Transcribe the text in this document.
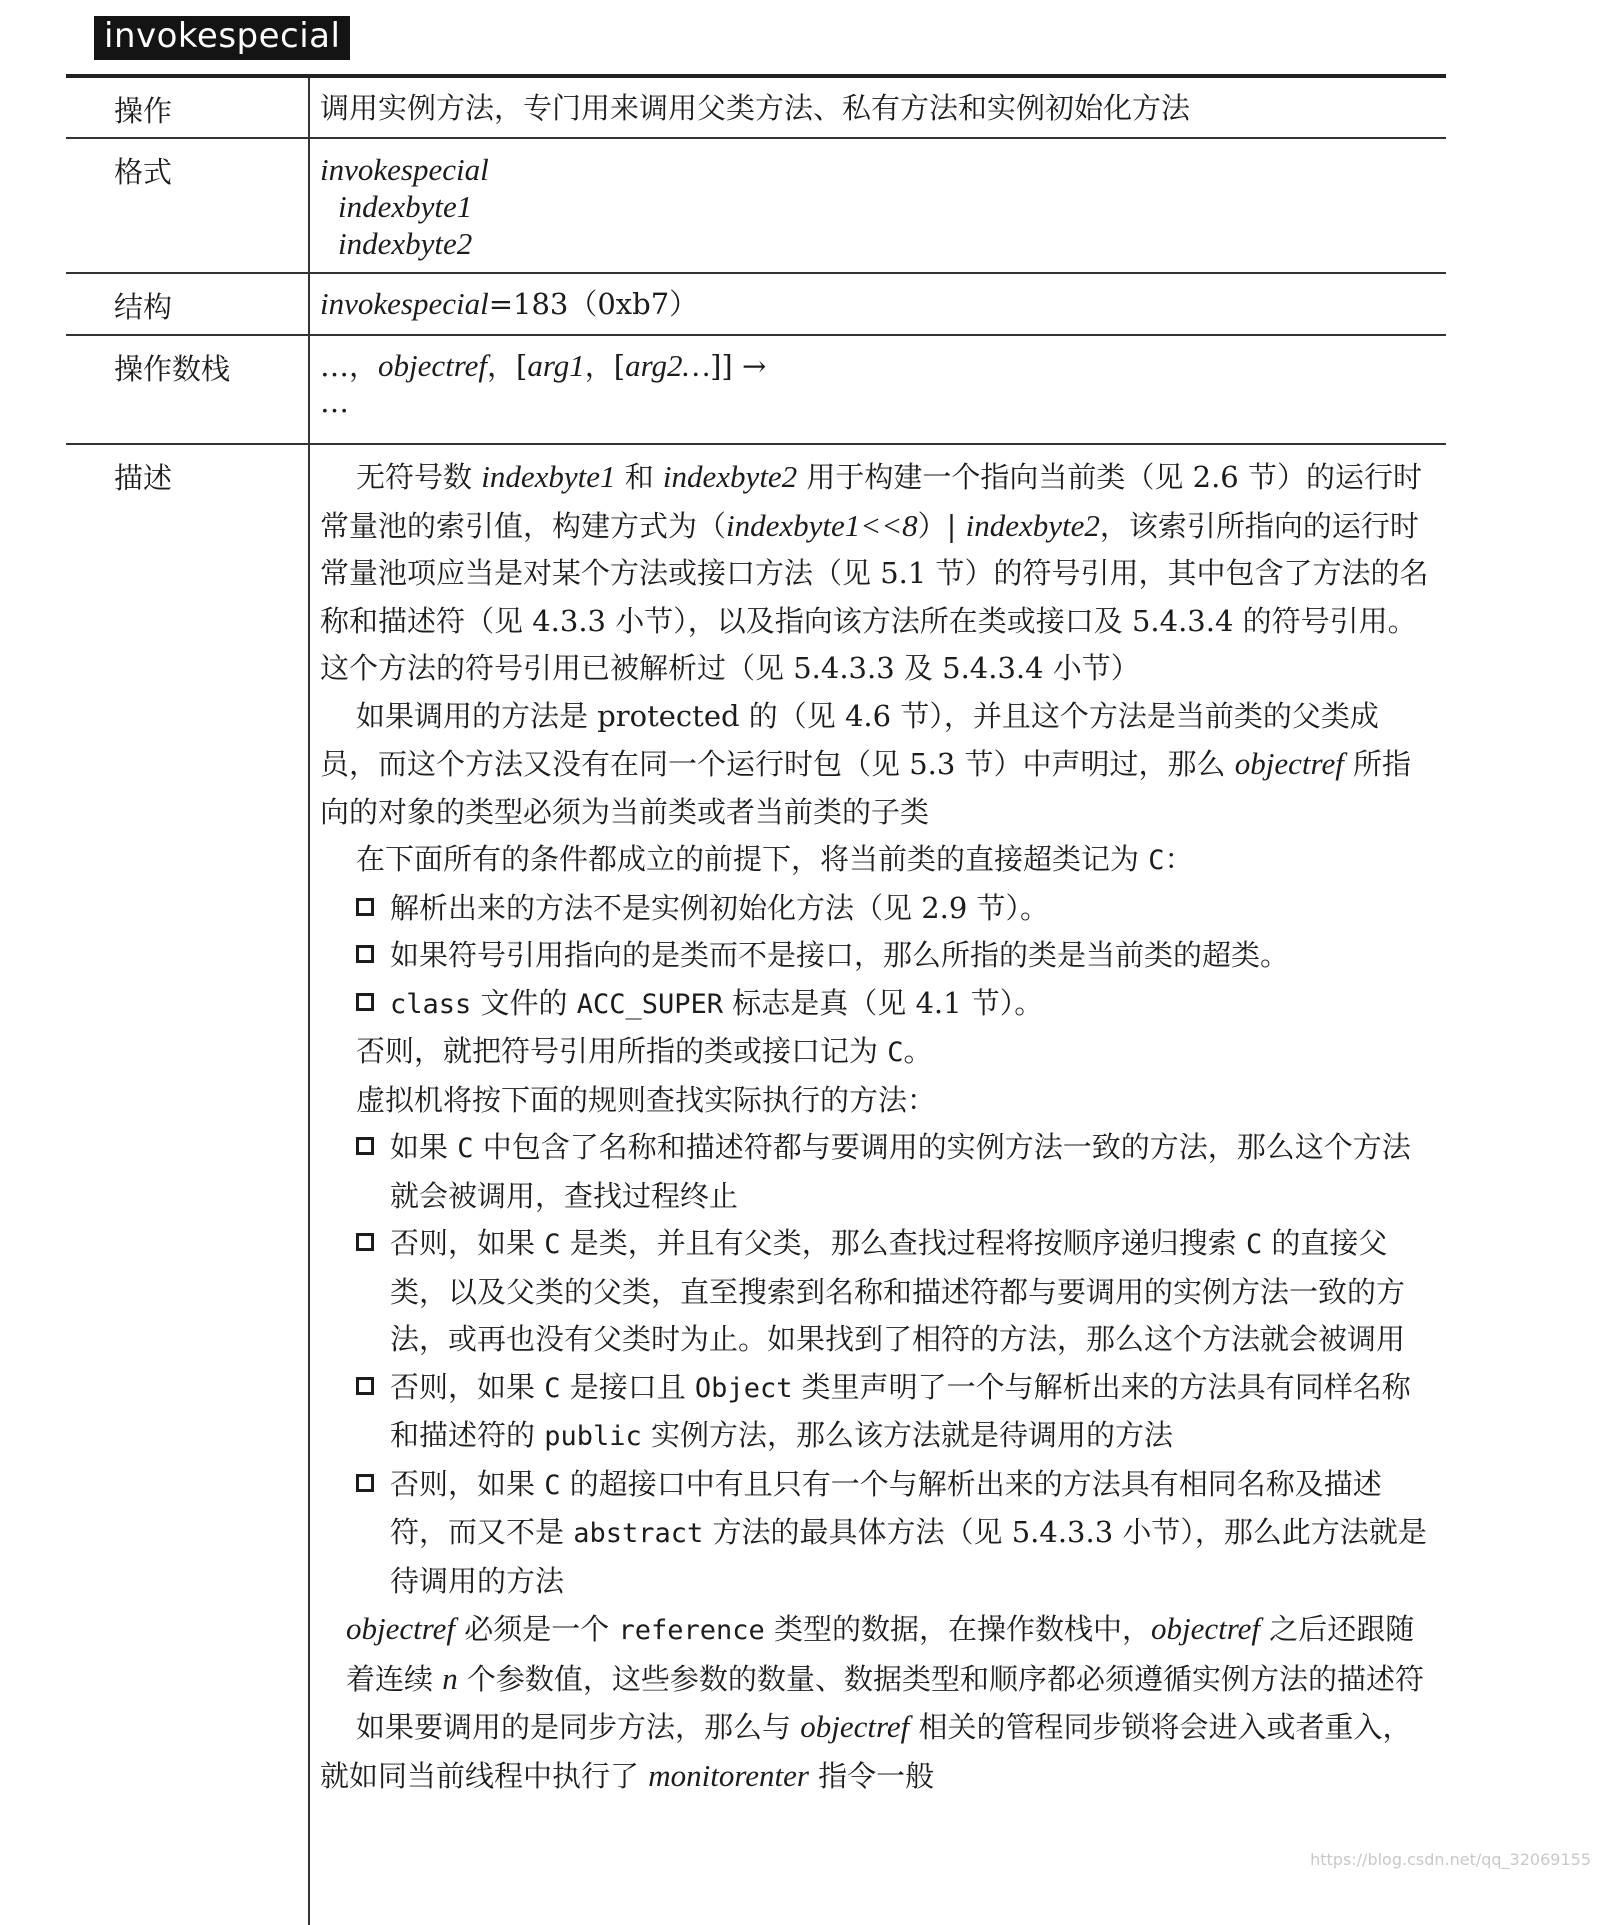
invokespecial
操作	调用实例方法，专门用来调用父类方法、私有方法和实例初始化方法
格式	invokespecial
indexbyte1
indexbyte2
结构	invokespecial=183（0xb7）
操作数栈	…，objectref，[arg1，[arg2…]] →
…
描述	无符号数 indexbyte1 和 indexbyte2 用于构建一个指向当前类（见 2.6 节）的运行时常量池的索引值，构建方式为（indexbyte1<<8）| indexbyte2，该索引所指向的运行时常量池项应当是对某个方法或接口方法（见 5.1 节）的符号引用，其中包含了方法的名称和描述符（见 4.3.3 小节），以及指向该方法所在类或接口及 5.4.3.4 的符号引用。这个方法的符号引用已被解析过（见 5.4.3.3 及 5.4.3.4 小节）

如果调用的方法是 protected 的（见 4.6 节），并且这个方法是当前类的父类成员，而这个方法又没有在同一个运行时包（见 5.3 节）中声明过，那么 objectref 所指向的对象的类型必须为当前类或者当前类的子类

在下面所有的条件都成立的前提下，将当前类的直接超类记为 C：

解析出来的方法不是实例初始化方法（见 2.9 节）。
如果符号引用指向的是类而不是接口，那么所指的类是当前类的超类。
class 文件的 ACC_SUPER 标志是真（见 4.1 节）。

否则，就把符号引用所指的类或接口记为 C。

虚拟机将按下面的规则查找实际执行的方法：

如果 C 中包含了名称和描述符都与要调用的实例方法一致的方法，那么这个方法就会被调用，查找过程终止
否则，如果 C 是类，并且有父类，那么查找过程将按顺序递归搜索 C 的直接父类，以及父类的父类，直至搜索到名称和描述符都与要调用的实例方法一致的方法，或再也没有父类时为止。如果找到了相符的方法，那么这个方法就会被调用
否则，如果 C 是接口且 Object 类里声明了一个与解析出来的方法具有同样名称和描述符的 public 实例方法，那么该方法就是待调用的方法
否则，如果 C 的超接口中有且只有一个与解析出来的方法具有相同名称及描述符，而又不是 abstract 方法的最具体方法（见 5.4.3.3 小节），那么此方法就是待调用的方法

objectref 必须是一个 reference 类型的数据，在操作数栈中，objectref 之后还跟随着连续 n 个参数值，这些参数的数量、数据类型和顺序都必须遵循实例方法的描述符

如果要调用的是同步方法，那么与 objectref 相关的管程同步锁将会进入或者重入，就如同当前线程中执行了 monitorenter 指令一般

https://blog.csdn.net/qq_32069155
